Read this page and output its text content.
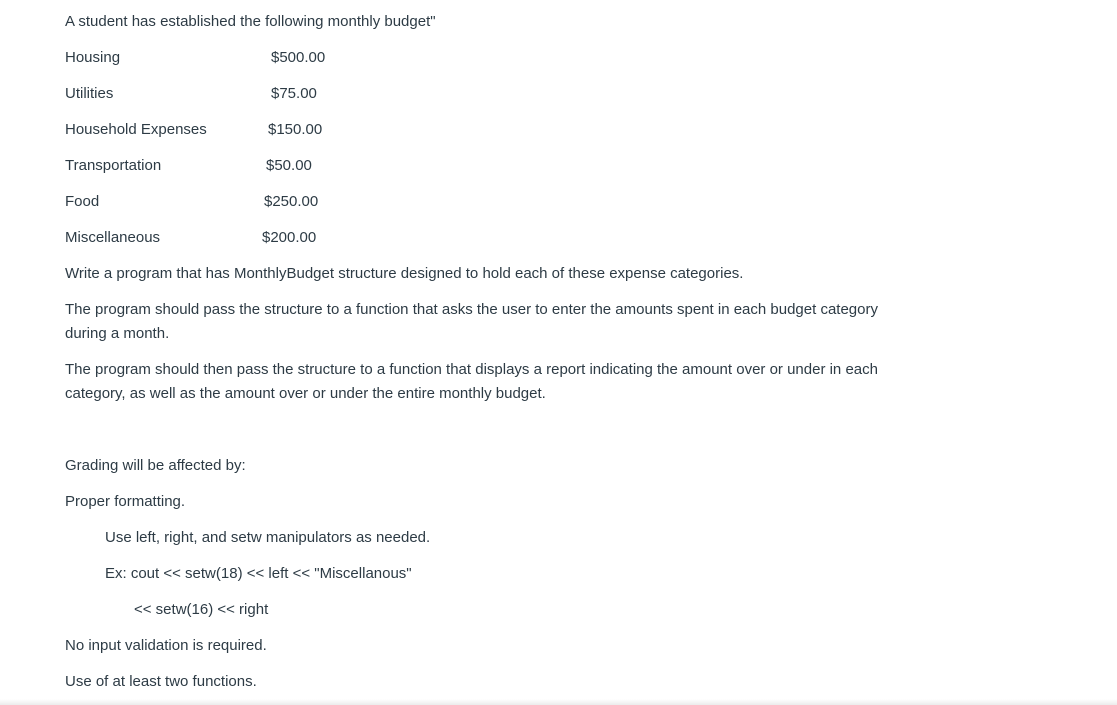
A student has established the following monthly budget"
Housing	$500.00
Utilities	$75.00
Household Expenses	$150.00
Transportation	$50.00
Food	$250.00
Miscellaneous	$200.00
Write a program that has MonthlyBudget structure designed to hold each of these expense categories.
The program should pass the structure to a function that asks the user to enter the amounts spent in each budget category during a month.
The program should then pass the structure to a function that displays a report indicating the amount over or under in each category, as well as the amount over or under the entire monthly budget.
Grading will be affected by:
Proper formatting.
Use left, right, and setw manipulators as needed.
Ex: cout << setw(18) << left << "Miscellanous"
<< setw(16) << right
No input validation is required.
Use of at least two functions.
